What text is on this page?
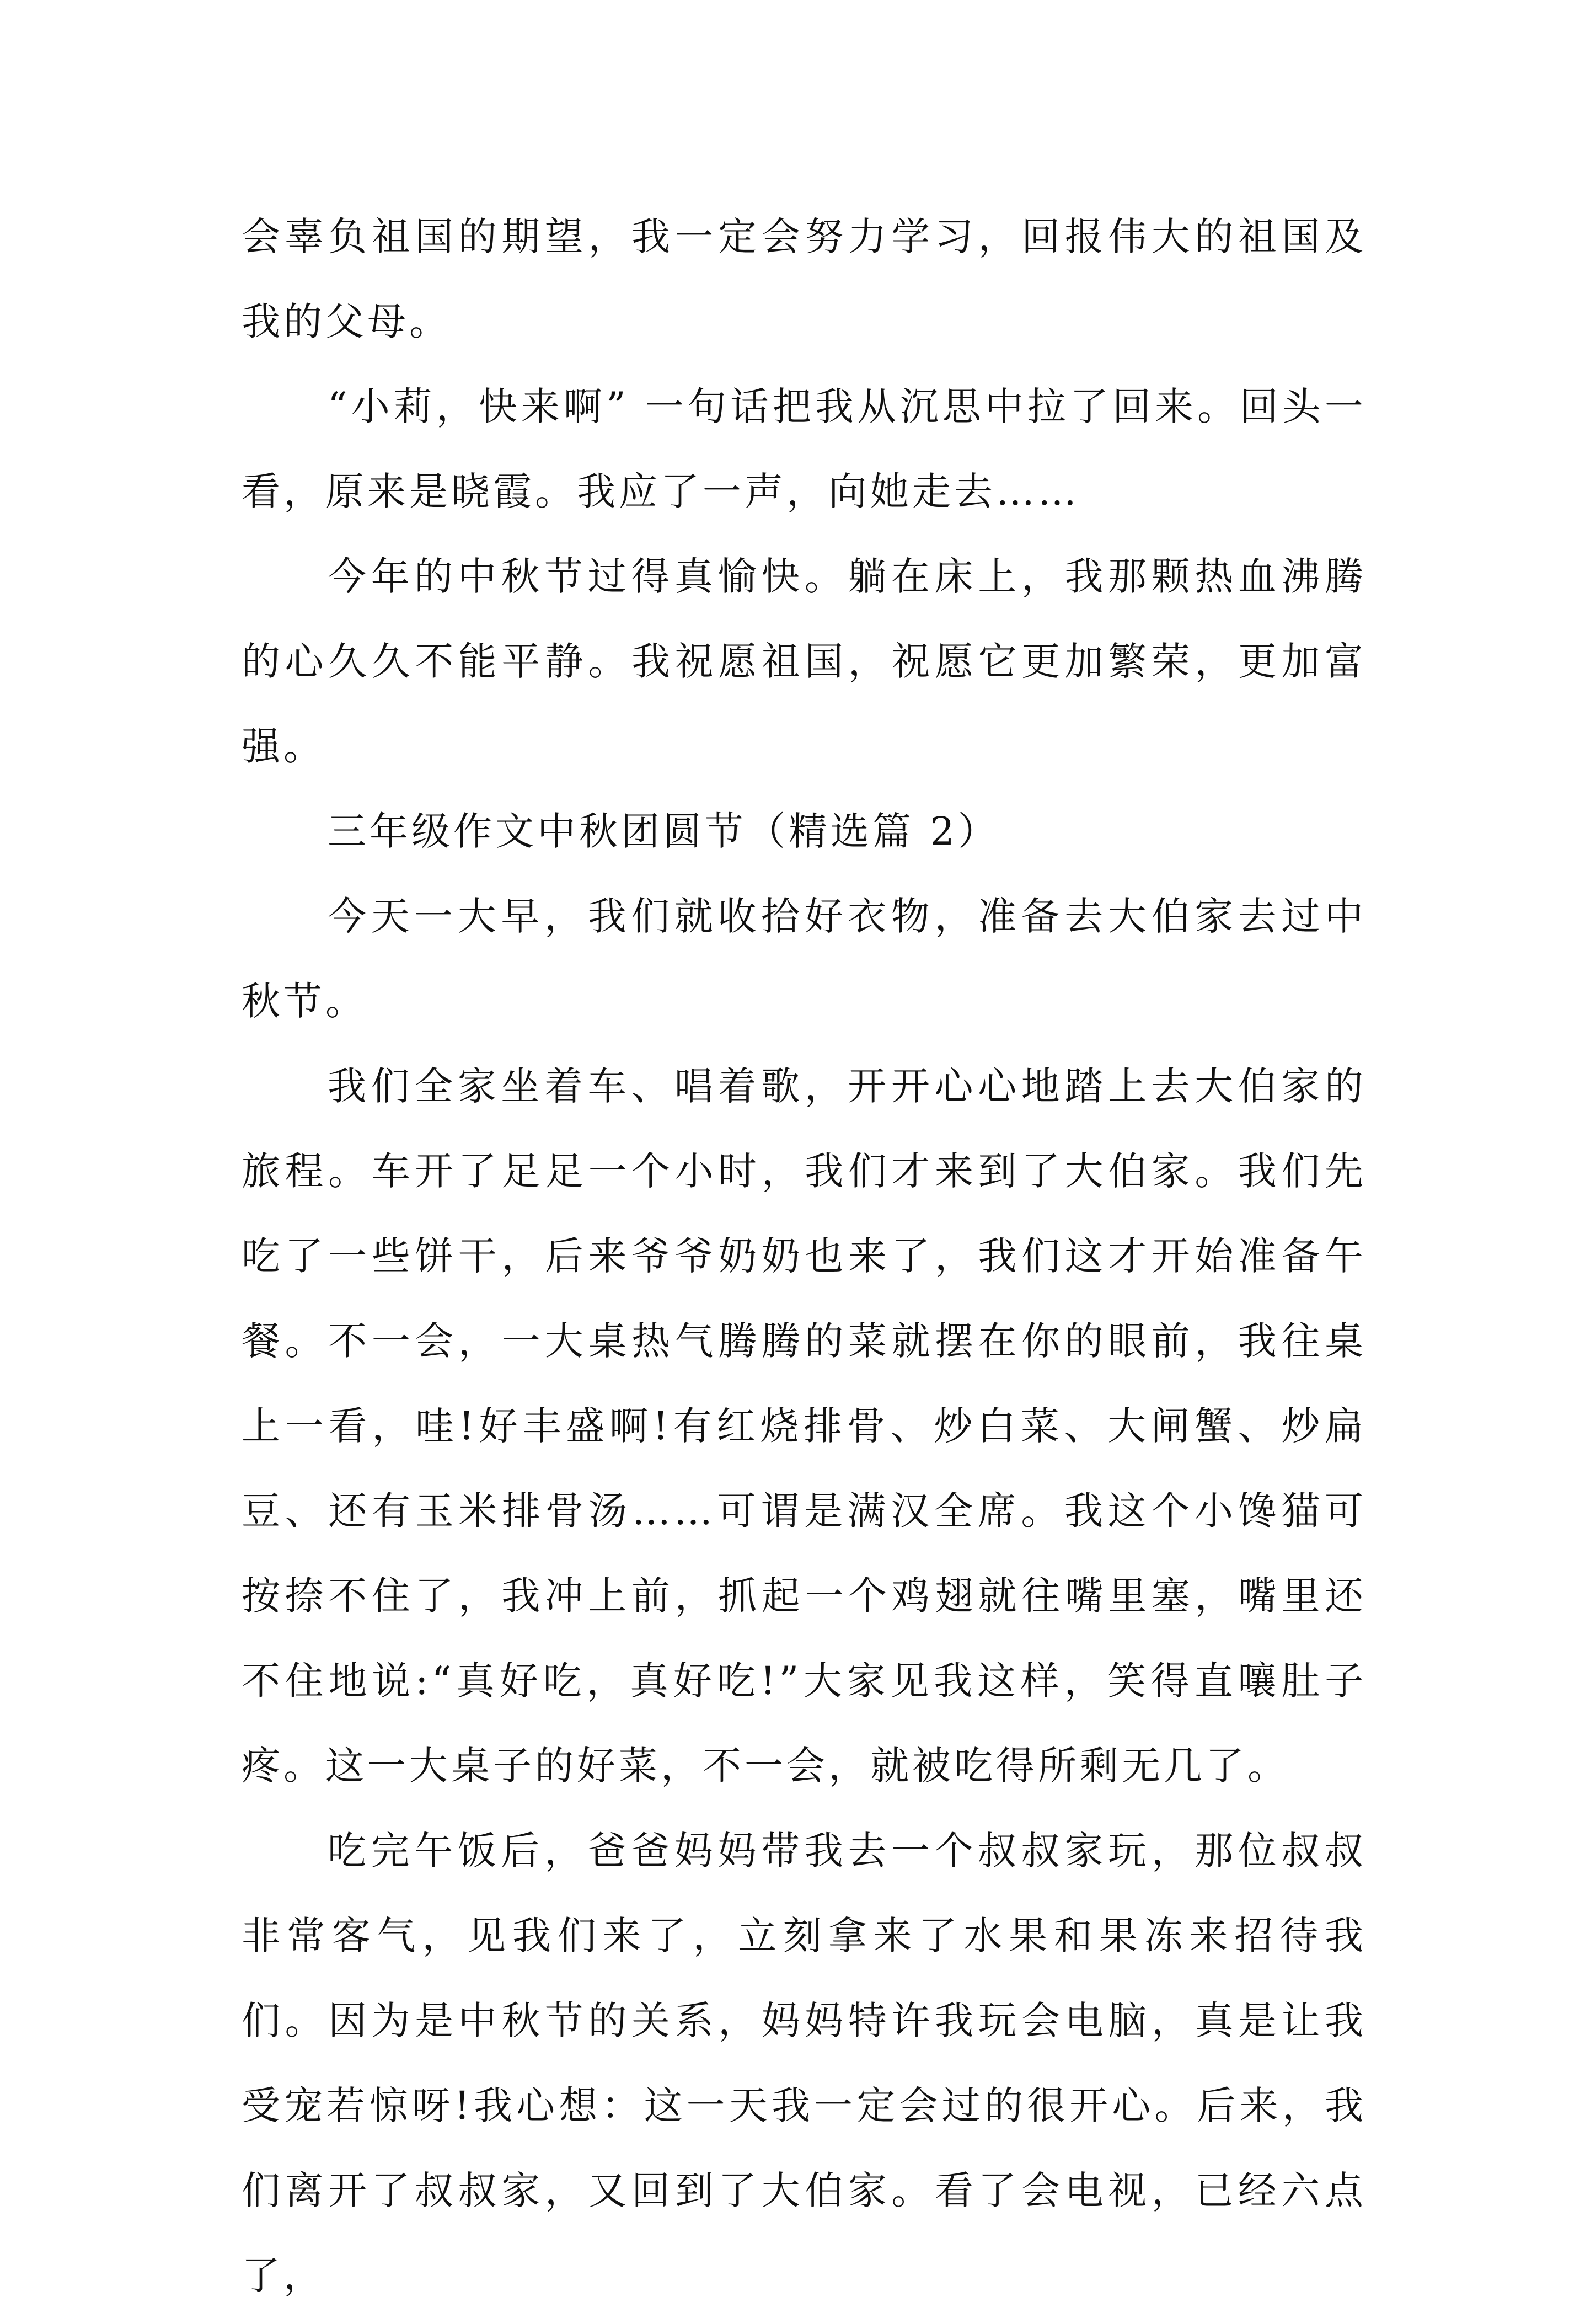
会辜负祖国的期望，我一定会努力学习，回报伟大的祖国及我的父母。

“小莉，快来啊” 一句话把我从沉思中拉了回来。回头一看，原来是晓霞。我应了一声，向她走去……

今年的中秋节过得真愉快。躺在床上，我那颗热血沸腾的心久久不能平静。我祝愿祖国，祝愿它更加繁荣，更加富强。

三年级作文中秋团圆节（精选篇 2）

今天一大早，我们就收拾好衣物，准备去大伯家去过中秋节。

我们全家坐着车、唱着歌，开开心心地踏上去大伯家的旅程。车开了足足一个小时，我们才来到了大伯家。我们先吃了一些饼干，后来爷爷奶奶也来了，我们这才开始准备午餐。不一会，一大桌热气腾腾的菜就摆在你的眼前，我往桌上一看，哇!好丰盛啊!有红烧排骨、炒白菜、大闸蟹、炒扁豆、还有玉米排骨汤……可谓是满汉全席。我这个小馋猫可按捺不住了，我冲上前，抓起一个鸡翅就往嘴里塞，嘴里还不住地说:“真好吃，真好吃!”大家见我这样，笑得直嚷肚子疼。这一大桌子的好菜，不一会，就被吃得所剩无几了。

吃完午饭后，爸爸妈妈带我去一个叔叔家玩，那位叔叔非常客气，见我们来了，立刻拿来了水果和果冻来招待我们。因为是中秋节的关系，妈妈特许我玩会电脑，真是让我受宠若惊呀!我心想：这一天我一定会过的很开心。后来，我们离开了叔叔家，又回到了大伯家。看了会电视，已经六点了，
